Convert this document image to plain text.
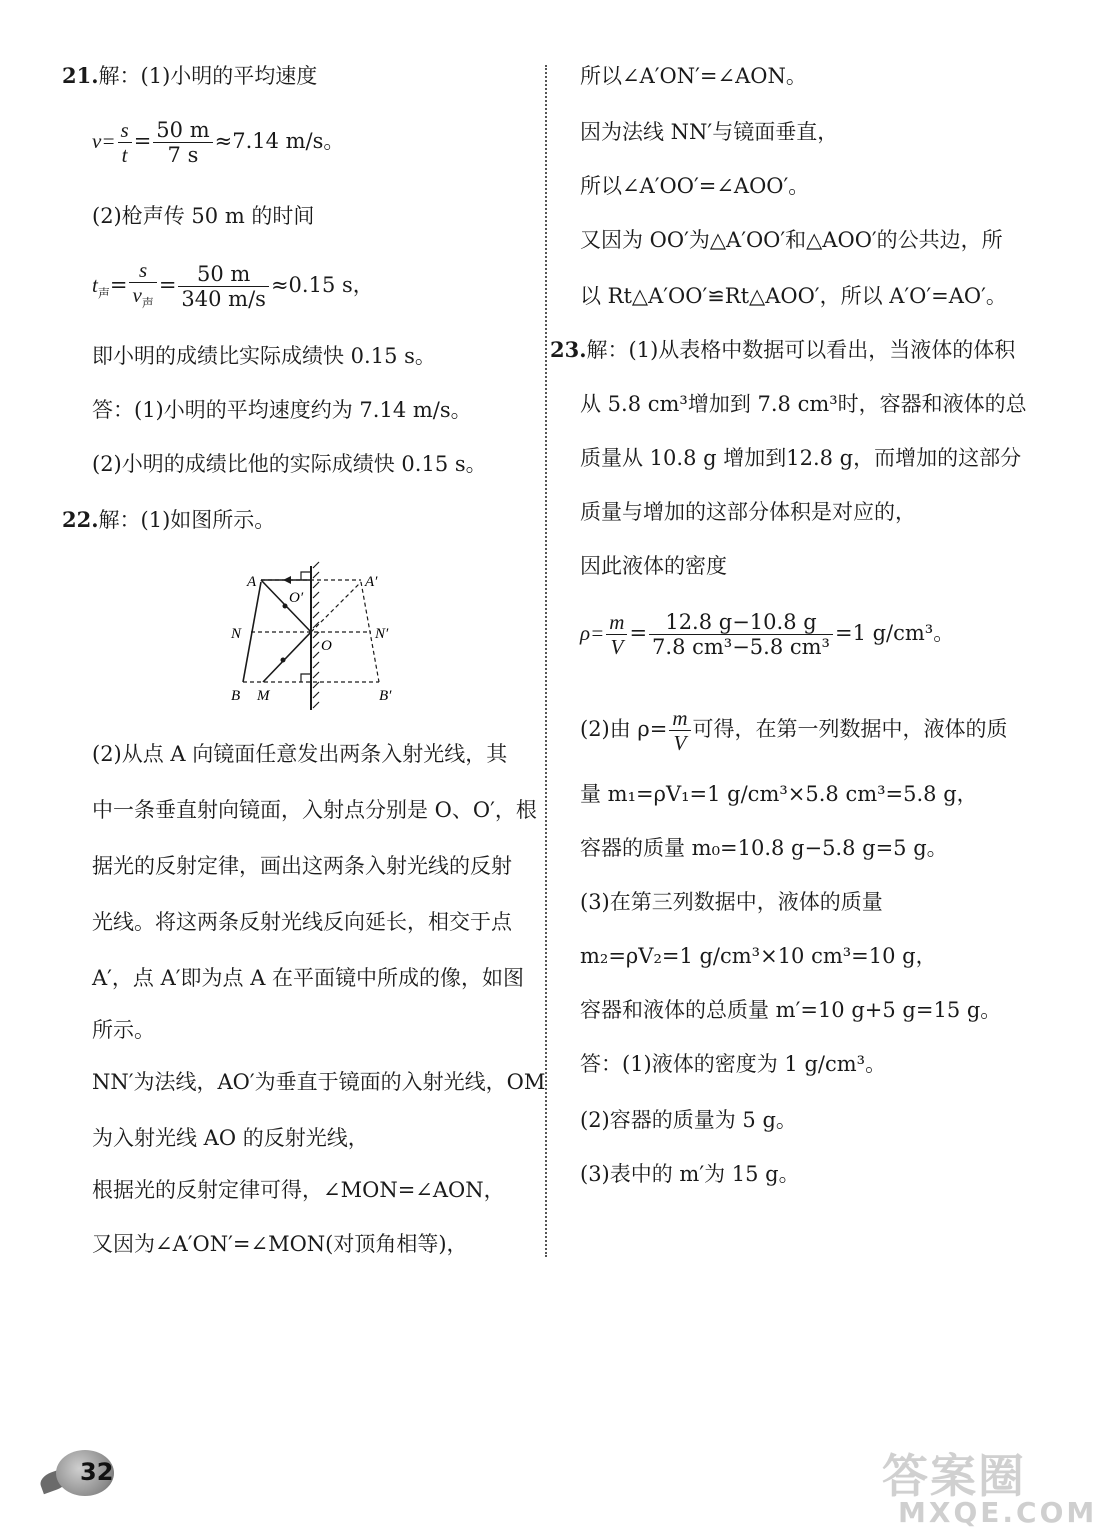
21.解：(1)小明的平均速度
$v= \frac{s}{t} = \frac{50 m}{7 s} \approx 7.14$ m/s。
(2)枪声传 50 m 的时间
$t_声= \frac{s}{v_声} = \frac{50 m}{340 m/s} \approx 0.15$ s，
即小明的成绩比实际成绩快 0.15 s。
答：(1)小明的平均速度约为 7.14 m/s。
(2)小明的成绩比他的实际成绩快 0.15 s。
22.解：(1)如图所示。
A	A′
O′
O
N	N′
B M	B′
(2)从点 A 向镜面任意发出两条入射光线，其
中一条垂直射向镜面，入射点分别是 O、O′，根
据光的反射定律，画出这两条入射光线的反射
光线。将这两条反射光线反向延长，相交于点
A′，点 A′即为点 A 在平面镜中所成的像，如图
所示。
NN′为法线，AO′为垂直于镜面的入射光线，OM
为入射光线 AO 的反射光线，
根据光的反射定律可得，∠MON=∠AON，
又因为∠A′ON′=∠MON(对顶角相等)，
所以∠A′ON′=∠AON。
因为法线 NN′与镜面垂直，
所以∠A′OO′=∠AOO′。
又因为 OO′为△A′OO′和△AOO′的公共边，所
以 Rt△A′OO′≌Rt△AOO′，所以 A′O′=AO′。
23.解：(1)从表格中数据可以看出，当液体的体积
从 5.8 cm³增加到 7.8 cm³时，容器和液体的总
质量从 10.8 g 增加到12.8 g，而增加的这部分
质量与增加的这部分体积是对应的，
因此液体的密度
$\rho= \frac{m}{V} = \frac{12.8 g-10.8 g}{\text{7.8 cm³−5.8 cm³}} =1$ g/cm³。
(2)由 $\rho= \frac{m}{V}$ 可得，在第一列数据中，液体的质
量 m₁=ρV₁=1 g/cm³×5.8 cm³=5.8 g，
容器的质量 m₀=10.8 g−5.8 g=5 g。
(3)在第三列数据中，液体的质量
m₂=ρV₂=1 g/cm³×10 cm³=10 g，
容器和液体的总质量 m′=10 g+5 g=15 g。
答：(1)液体的密度为 1 g/cm³。
(2)容器的质量为 5 g。
(3)表中的 m′为 15 g。
32	答案圈
MXQE.COM
